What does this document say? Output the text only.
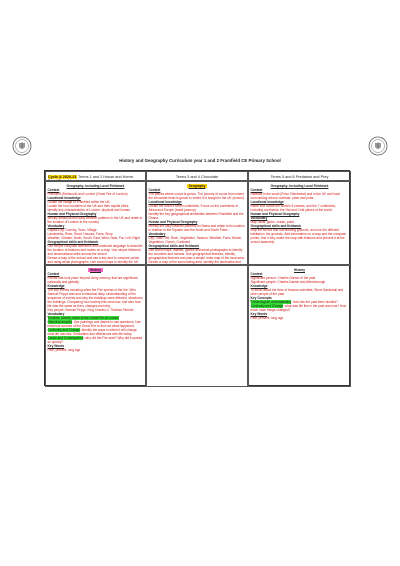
History and Geography Curriculum year 1 and 2 Framfield CE Primary School
Cycle A 2020-21 Terms 1 and 2 House and Home- Great Fire of London
Terms 3 and 4 Chocolate	Terms 5 and 6 Predators and Prey
Geography- Including Local Fieldwork
Context
Framfield (Fieldwork) and London (Great Fire of London)
Locational knowledge
Locate the village of Framfield within the UK.
Locate the four countries of the UK and their capital cities.
Identify key characteristics of London: physical and human.
Human and Physical Geography
Identify seasonal and daily weather patterns in the UK and relate to the location of London in the country.
Vocabulary
Capital City, Country, Town, Village
Landmarks, River, Road, Houses, Farm, Shop
Weather, Climate, North, South, East, West, Near, Far, Left, Right
Geographical skills and fieldwork
Use simple compass directions and locational language to describe the location of features and routes on a map. Use simple fieldwork and observational skills around the school.
Devise a map of the school and use a key and to compare points and using aerial photographs. Use world maps to identify the UK
Geography
Context
The places where cocoa is grown. The journey of cocoa from where the chocolate bean is grown to where it is bought in the UK (school).
Locational knowledge
Locate the world's seven continents. Focus on the continents of Africa and Europe (trade journey).
Identify the key geographical similarities between Framfield and the Ghana.
Human and Physical Geography
Identify the daily weather patterns in Ghana and relate to its location in relation to the Equator and the North and South Poles.
Vocabulary
City, Town, Hill, River, Vegetation, Season, Weather, Farm, Beach, Vegetation, Ocean, Continent
Geographical skills and fieldwork
Use world maps, atlases, globes and aerial photographs to identify the countries and oceans. Use geographical features, identify geographical features and plan a simple route map of the local area. Devise a map of the surrounding area, identify the landmarks and
Geography- Including Local Fieldwork
Context
Habitats in the world (Polar, Rainforest) and in the UK and local surrounding area to contrast, polar and polar.
Locational knowledge
Name and locate the world's 5 oceans, and the 7 continents, including continents, the Hot and Cold places of the world.
Human and Physical Geography
Vocabulary
Map, atlas, globe, ocean, polar
Geographical skills and fieldwork
Map the school and surrounding grounds, and use the different habitats in the grounds. Add information on a map and the compass points. Use a key, make the map with features and present it at the school assembly.
History
Context
Events that took place beyond living memory that are significant nationally and globally.
Knowledge
The key events including when the Fire spread of the fire. Who Samuel Pepys was and a historical diary. Understanding of the sequence of events and why the buildings were affected, structures, the buildings. Comparing how society then and now, and also how life was the same as then, changes and why.
Key people: Samuel Pepys, King Charles II, Thomas Farriner
Vocabulary
Timeline, events, order of the Great Fire of London
Historical enquiry: Use paintings and diaries to ask questions. Use historical sources of the Great Fire to find out what happened.
Continuity and Change: identify the ways in which it will change what life was like. Similarities and differences with life today.
Cause and Consequence: why did the Fire start? Why did it spread so quickly?
Key Words
Past, present, long ago
History
Context
Significant person: Charles Darwin of the past
Significant people: Charles Darwin and Attenborough
Knowledge
To know about the lives of famous scientists. Steve Backshall and other people of the past.
Key Concepts
Chronological understanding: how has the past been studied?
Continuity and Change: what was life like in the past and now? How much have things changed?
Key Words
Past, present, long ago
